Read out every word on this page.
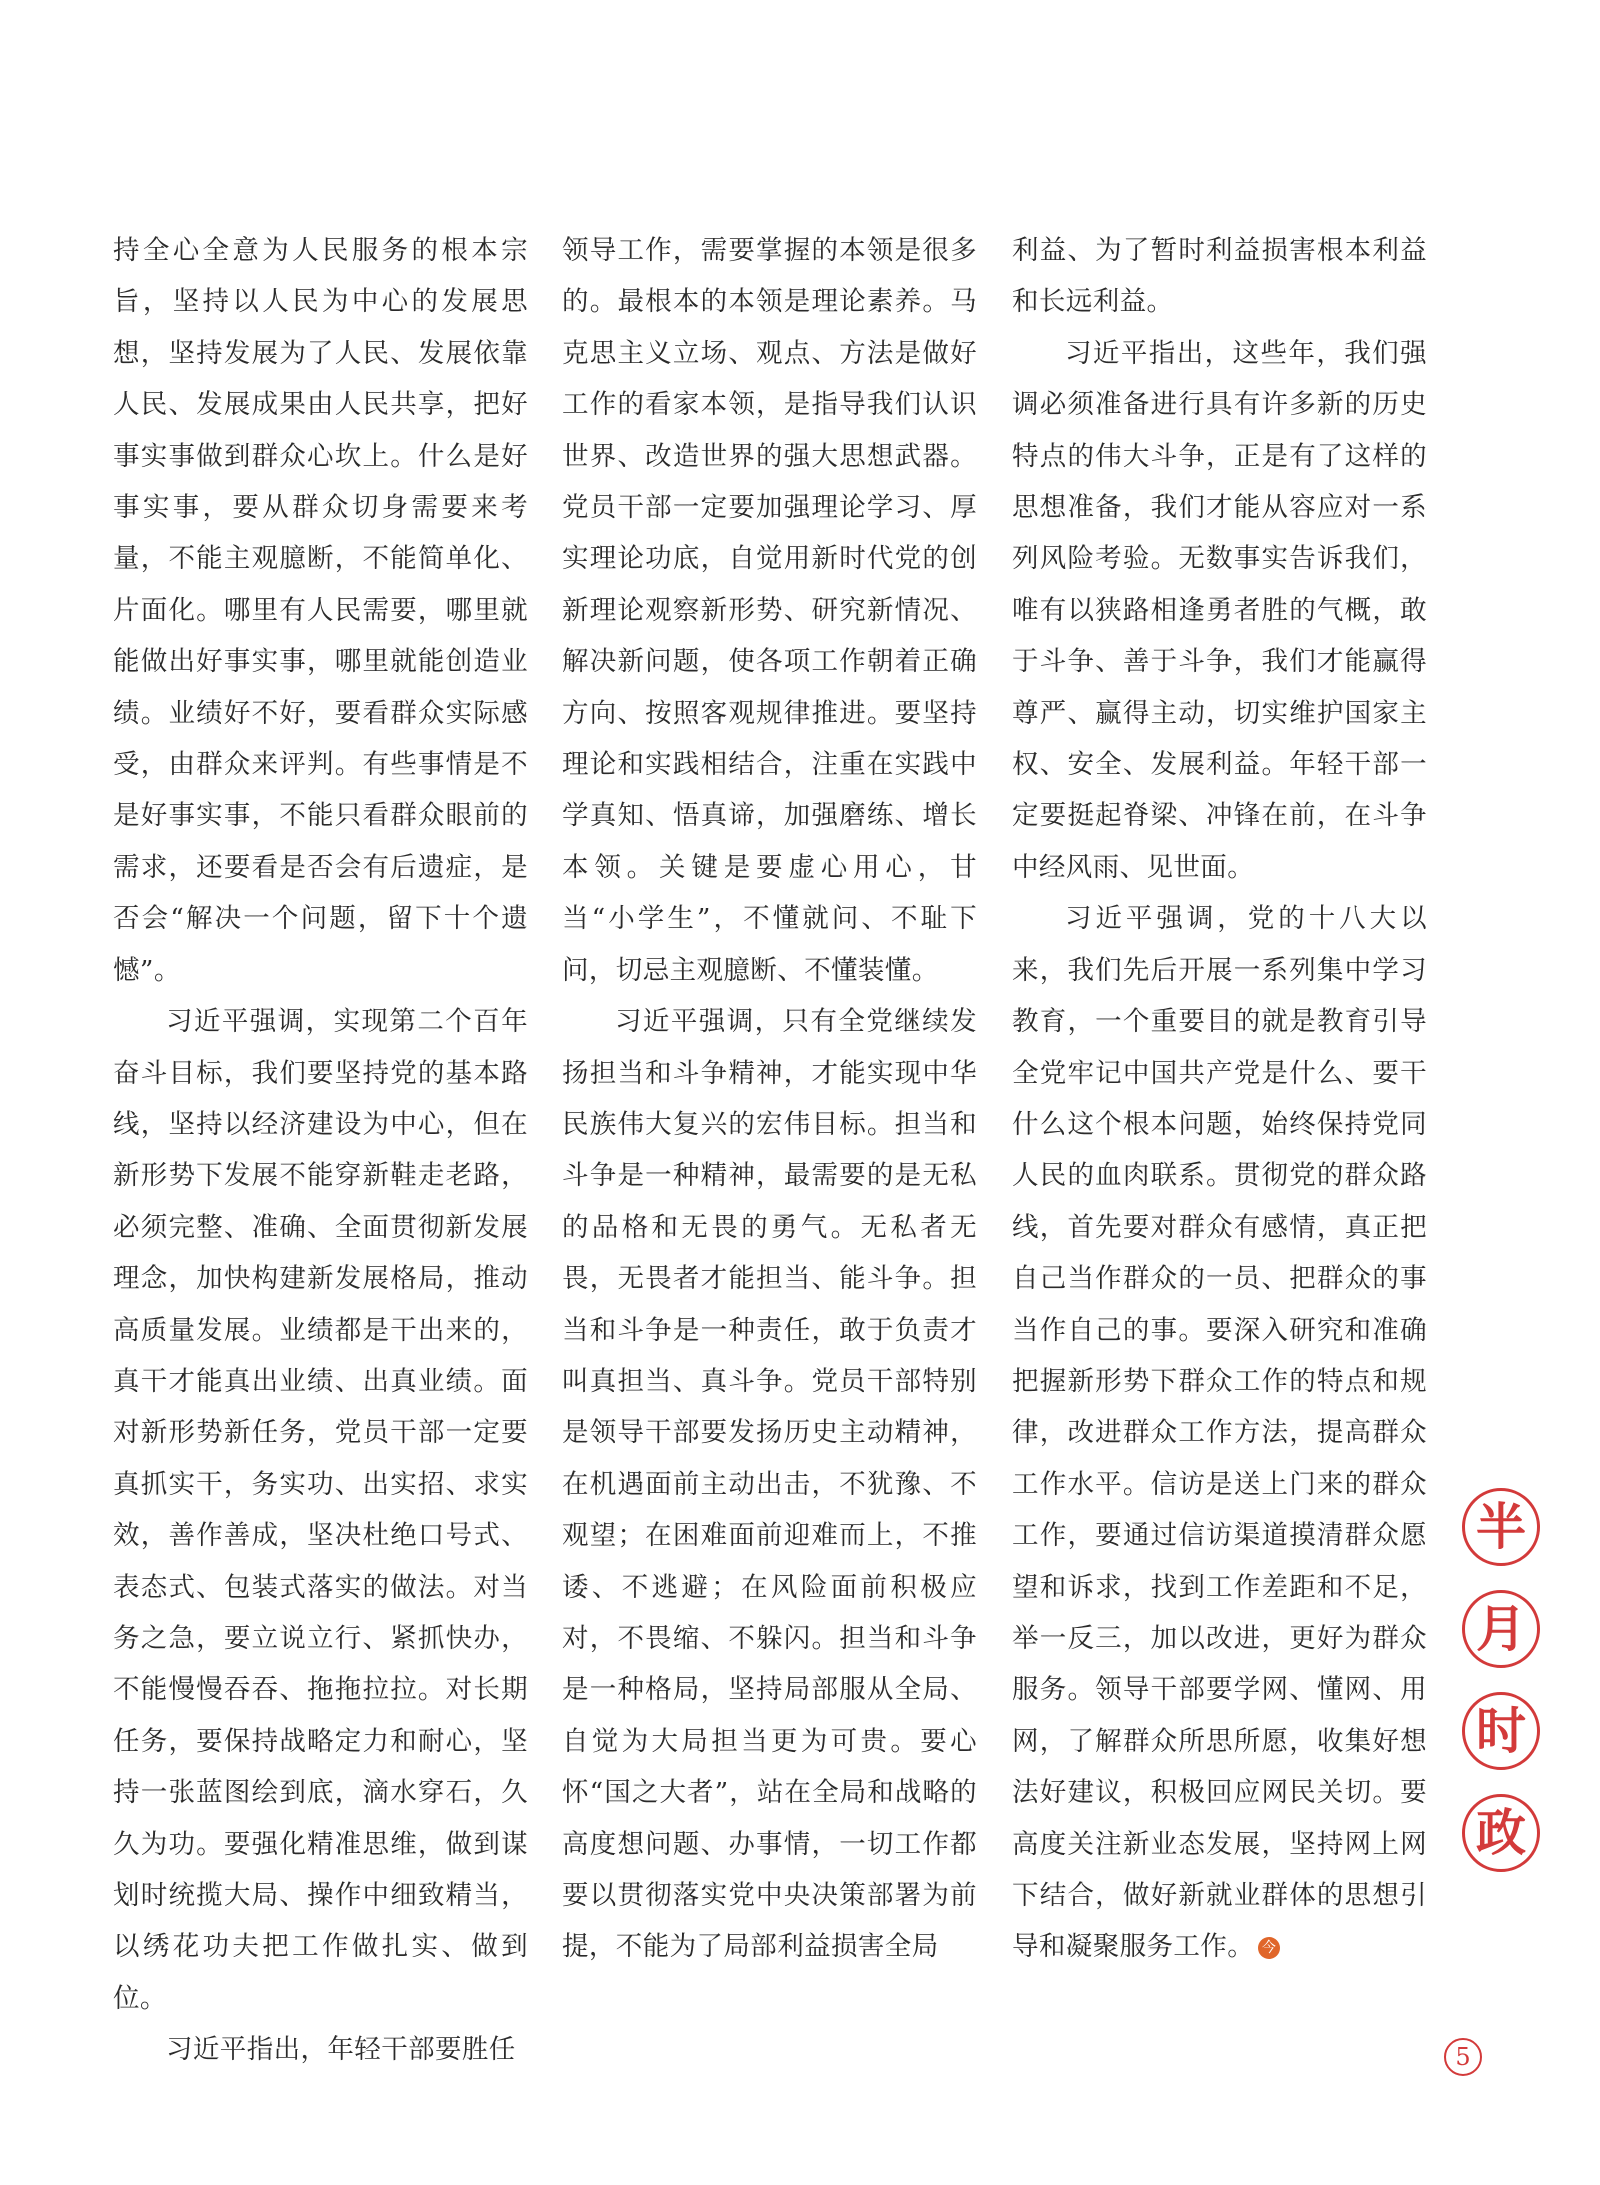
持全心全意为人民服务的根本宗旨，坚持以人民为中心的发展思想，坚持发展为了人民、发展依靠人民、发展成果由人民共享，把好事实事做到群众心坎上。什么是好事实事，要从群众切身需要来考量，不能主观臆断，不能简单化、片面化。哪里有人民需要，哪里就能做出好事实事，哪里就能创造业绩。业绩好不好，要看群众实际感受，由群众来评判。有些事情是不是好事实事，不能只看群众眼前的需求，还要看是否会有后遗症，是否会“解决一个问题，留下十个遗憾”。

习近平强调，实现第二个百年奋斗目标，我们要坚持党的基本路线，坚持以经济建设为中心，但在新形势下发展不能穿新鞋走老路，必须完整、准确、全面贯彻新发展理念，加快构建新发展格局，推动高质量发展。业绩都是干出来的，真干才能真出业绩、出真业绩。面对新形势新任务，党员干部一定要真抓实干，务实功、出实招、求实效，善作善成，坚决杜绝口号式、表态式、包装式落实的做法。对当务之急，要立说立行、紧抓快办，不能慢慢吞吞、拖拖拉拉。对长期任务，要保持战略定力和耐心，坚持一张蓝图绘到底，滴水穿石，久久为功。要强化精准思维，做到谋划时统揽大局、操作中细致精当，以绣花功夫把工作做扎实、做到位。

习近平指出，年轻干部要胜任

领导工作，需要掌握的本领是很多的。最根本的本领是理论素养。马克思主义立场、观点、方法是做好工作的看家本领，是指导我们认识世界、改造世界的强大思想武器。党员干部一定要加强理论学习、厚实理论功底，自觉用新时代党的创新理论观察新形势、研究新情况、解决新问题，使各项工作朝着正确方向、按照客观规律推进。要坚持理论和实践相结合，注重在实践中学真知、悟真谛，加强磨练、增长本领。关键是要虚心用心，甘当“小学生”，不懂就问、不耻下问，切忌主观臆断、不懂装懂。

习近平强调，只有全党继续发扬担当和斗争精神，才能实现中华民族伟大复兴的宏伟目标。担当和斗争是一种精神，最需要的是无私的品格和无畏的勇气。无私者无畏，无畏者才能担当、能斗争。担当和斗争是一种责任，敢于负责才叫真担当、真斗争。党员干部特别是领导干部要发扬历史主动精神，在机遇面前主动出击，不犹豫、不观望；在困难面前迎难而上，不推诿、不逃避；在风险面前积极应对，不畏缩、不躲闪。担当和斗争是一种格局，坚持局部服从全局、自觉为大局担当更为可贵。要心怀“国之大者”，站在全局和战略的高度想问题、办事情，一切工作都要以贯彻落实党中央决策部署为前提，不能为了局部利益损害全局

利益、为了暂时利益损害根本利益和长远利益。

习近平指出，这些年，我们强调必须准备进行具有许多新的历史特点的伟大斗争，正是有了这样的思想准备，我们才能从容应对一系列风险考验。无数事实告诉我们，唯有以狭路相逢勇者胜的气概，敢于斗争、善于斗争，我们才能赢得尊严、赢得主动，切实维护国家主权、安全、发展利益。年轻干部一定要挺起脊梁、冲锋在前，在斗争中经风雨、见世面。

习近平强调，党的十八大以来，我们先后开展一系列集中学习教育，一个重要目的就是教育引导全党牢记中国共产党是什么、要干什么这个根本问题，始终保持党同人民的血肉联系。贯彻党的群众路线，首先要对群众有感情，真正把自己当作群众的一员、把群众的事当作自己的事。要深入研究和准确把握新形势下群众工作的特点和规律，改进群众工作方法，提高群众工作水平。信访是送上门来的群众工作，要通过信访渠道摸清群众愿望和诉求，找到工作差距和不足，举一反三，加以改进，更好为群众服务。领导干部要学网、懂网、用网，了解群众所思所愿，收集好想法好建议，积极回应网民关切。要高度关注新业态发展，坚持网上网下结合，做好新就业群体的思想引导和凝聚服务工作。 今

半
月
时
政
5
